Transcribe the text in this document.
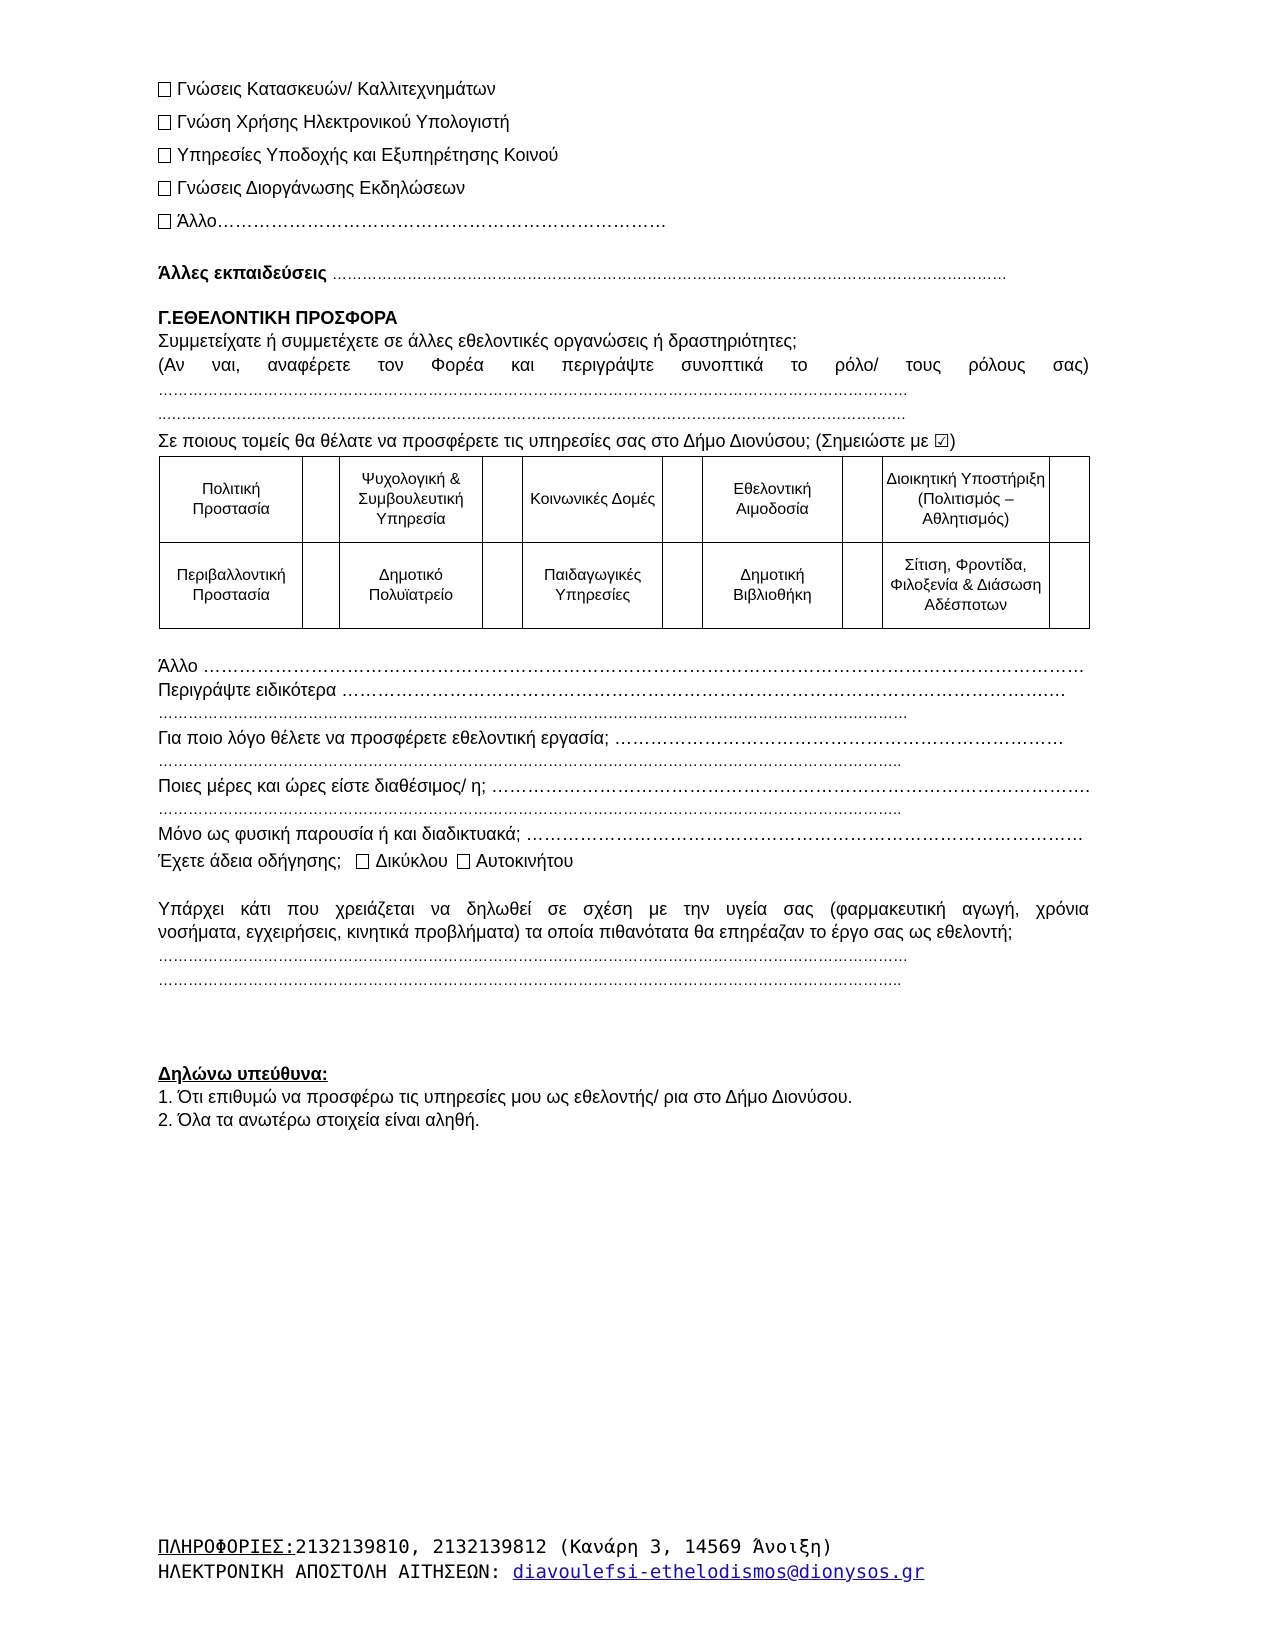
Γνώσεις Κατασκευών/ Καλλιτεχνημάτων
Γνώση Χρήσης Ηλεκτρονικού Υπολογιστή
Υπηρεσίες Υποδοχής και Εξυπηρέτησης Κοινού
Γνώσεις Διοργάνωσης Εκδηλώσεων
Άλλο…………………………………………………………………
Άλλες εκπαιδεύσεις ………………………………………………………………………………………………………………………
Γ.ΕΘΕΛΟΝΤΙΚΗ ΠΡΟΣΦΟΡΑ
Συμμετείχατε ή συμμετέχετε σε άλλες εθελοντικές οργανώσεις ή δραστηριότητες;
(Αν ναι, αναφέρετε τον Φορέα και περιγράψτε συνοπτικά το ρόλο/ τους ρόλους σας)
……………………………………………………………………………………………………………………………………
..………………………………………………………………………………………………………………………………….
Σε ποιους τομείς θα θέλατε να προσφέρετε τις υπηρεσίες σας στο Δήμο Διονύσου; (Σημειώστε με ☑)
Πολιτική Προστασία		Ψυχολογική & Συμβουλευτική Υπηρεσία		Κοινωνικές Δομές		Εθελοντική Αιμοδοσία		Διοικητική Υποστήριξη (Πολιτισμός – Αθλητισμός)	
Περιβαλλοντική Προστασία		Δημοτικό Πολυϊατρείο		Παιδαγωγικές Υπηρεσίες		Δημοτική Βιβλιοθήκη		Σίτιση, Φροντίδα, Φιλοξενία & Διάσωση Αδέσποτων	
Άλλο …………………………………………………………………………………………………………………………………
Περιγράψτε ειδικότερα ……………………………………………………………………………………………………….…
……………………………………………………………………………………………………………………………………
Για ποιο λόγο θέλετε να προσφέρετε εθελοντική εργασία; …………………………………………………………………
…………………………………………………………………………………………………………………………………..
Ποιες μέρες και ώρες είστε διαθέσιμος/ η; ……………………………………………………………………………………….
…………………………………………………………………………………………………………………………………..
Μόνο ως φυσική παρουσία ή και διαδικτυακά; …………………………………………………………………………………
Έχετε άδεια οδήγησης; Δικύκλου Αυτοκινήτου
Υπάρχει κάτι που χρειάζεται να δηλωθεί σε σχέση με την υγεία σας (φαρμακευτική αγωγή, χρόνια
νοσήματα, εγχειρήσεις, κινητικά προβλήματα) τα οποία πιθανότατα θα επηρέαζαν το έργο σας ως εθελοντή;
……………………………………………………………………………………………………………………………………
…………………………………………………………………………………………………………………………………..
Δηλώνω υπεύθυνα:
1. Ότι επιθυμώ να προσφέρω τις υπηρεσίες μου ως εθελοντής/ ρια στο Δήμο Διονύσου.
2. Όλα τα ανωτέρω στοιχεία είναι αληθή.
ΠΛΗΡΟΦΟΡΙΕΣ:2132139810, 2132139812 (Κανάρη 3, 14569 Άνοιξη)
ΗΛΕΚΤΡΟΝΙΚΗ ΑΠΟΣΤΟΛΗ ΑΙΤΗΣΕΩΝ: diavoulefsi-ethelodismos@dionysos.gr
